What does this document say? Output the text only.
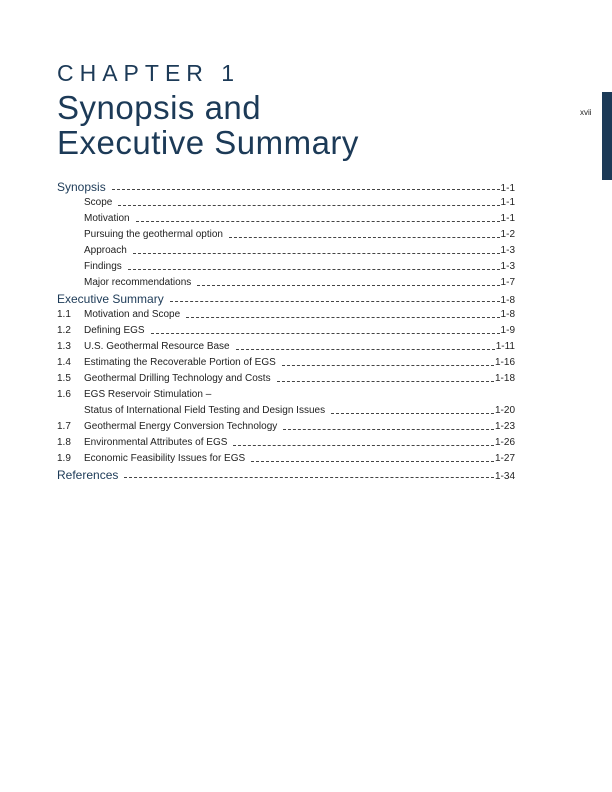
xvii
CHAPTER 1
Synopsis and
Executive Summary
Synopsis	1-1
Scope	1-1
Motivation	1-1
Pursuing the geothermal option	1-2
Approach	1-3
Findings	1-3
Major recommendations	1-7
Executive Summary	1-8
1.1	Motivation and Scope	1-8
1.2	Defining EGS	1-9
1.3	U.S. Geothermal Resource Base	1-11
1.4	Estimating the Recoverable Portion of EGS	1-16
1.5	Geothermal Drilling Technology and Costs	1-18
1.6	EGS Reservoir Stimulation –
Status of International Field Testing and Design Issues	1-20
1.7	Geothermal Energy Conversion Technology	1-23
1.8	Environmental Attributes of EGS	1-26
1.9	Economic Feasibility Issues for EGS	1-27
References	1-34
